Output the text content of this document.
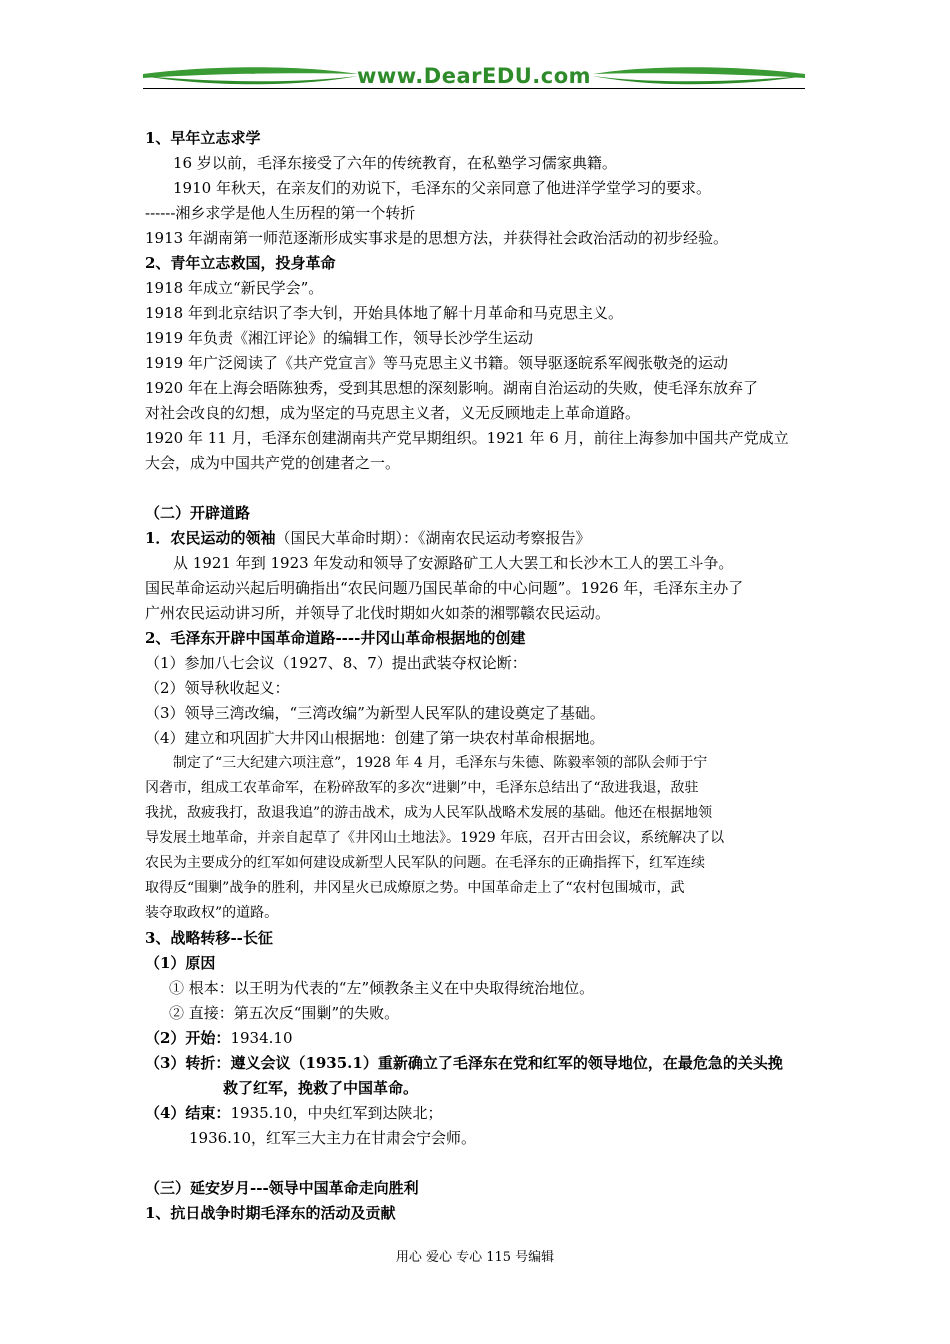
www.DearEDU.com
1、早年立志求学
16 岁以前，毛泽东接受了六年的传统教育，在私塾学习儒家典籍。
1910 年秋天，在亲友们的劝说下，毛泽东的父亲同意了他进洋学堂学习的要求。
------湘乡求学是他人生历程的第一个转折
1913 年湖南第一师范逐渐形成实事求是的思想方法，并获得社会政治活动的初步经验。
2、青年立志救国，投身革命
1918 年成立“新民学会”。
1918 年到北京结识了李大钊，开始具体地了解十月革命和马克思主义。
1919 年负责《湘江评论》的编辑工作，领导长沙学生运动
1919 年广泛阅读了《共产党宣言》等马克思主义书籍。领导驱逐皖系军阀张敬尧的运动
1920 年在上海会晤陈独秀，受到其思想的深刻影响。湖南自治运动的失败，使毛泽东放弃了
对社会改良的幻想，成为坚定的马克思主义者，义无反顾地走上革命道路。
1920 年 11 月，毛泽东创建湖南共产党早期组织。1921 年 6 月，前往上海参加中国共产党成立
大会，成为中国共产党的创建者之一。
（二）开辟道路
1．农民运动的领袖（国民大革命时期）：《湖南农民运动考察报告》
从 1921 年到 1923 年发动和领导了安源路矿工人大罢工和长沙木工人的罢工斗争。
国民革命运动兴起后明确指出“农民问题乃国民革命的中心问题”。1926 年，毛泽东主办了
广州农民运动讲习所，并领导了北伐时期如火如荼的湘鄂赣农民运动。
2、毛泽东开辟中国革命道路----井冈山革命根据地的创建
（1）参加八七会议（1927、8、7）提出武装夺权论断：
（2）领导秋收起义：
（3）领导三湾改编，“三湾改编”为新型人民军队的建设奠定了基础。
（4）建立和巩固扩大井冈山根据地：创建了第一块农村革命根据地。
制定了“三大纪建六项注意”，1928 年 4 月，毛泽东与朱德、陈毅率领的部队会师于宁
冈砻市，组成工农革命军，在粉碎敌军的多次“进剿”中，毛泽东总结出了“敌进我退，敌驻
我扰，敌疲我打，敌退我追”的游击战术，成为人民军队战略术发展的基础。他还在根据地领
导发展土地革命，并亲自起草了《井冈山土地法》。1929 年底，召开古田会议，系统解决了以
农民为主要成分的红军如何建设成新型人民军队的问题。在毛泽东的正确指挥下，红军连续
取得反“围剿”战争的胜利，井冈星火已成燎原之势。中国革命走上了“农村包围城市，武
装夺取政权”的道路。
3、战略转移--长征
（1）原因
① 根本：以王明为代表的“左”倾教条主义在中央取得统治地位。
② 直接：第五次反“围剿”的失败。
（2）开始：1934.10
（3）转折：遵义会议（1935.1）重新确立了毛泽东在党和红军的领导地位，在最危急的关头挽
救了红军，挽救了中国革命。
（4）结束：1935.10，中央红军到达陕北；
1936.10，红军三大主力在甘肃会宁会师。
（三）延安岁月---领导中国革命走向胜利
1、抗日战争时期毛泽东的活动及贡献
用心 爱心 专心 115 号编辑
